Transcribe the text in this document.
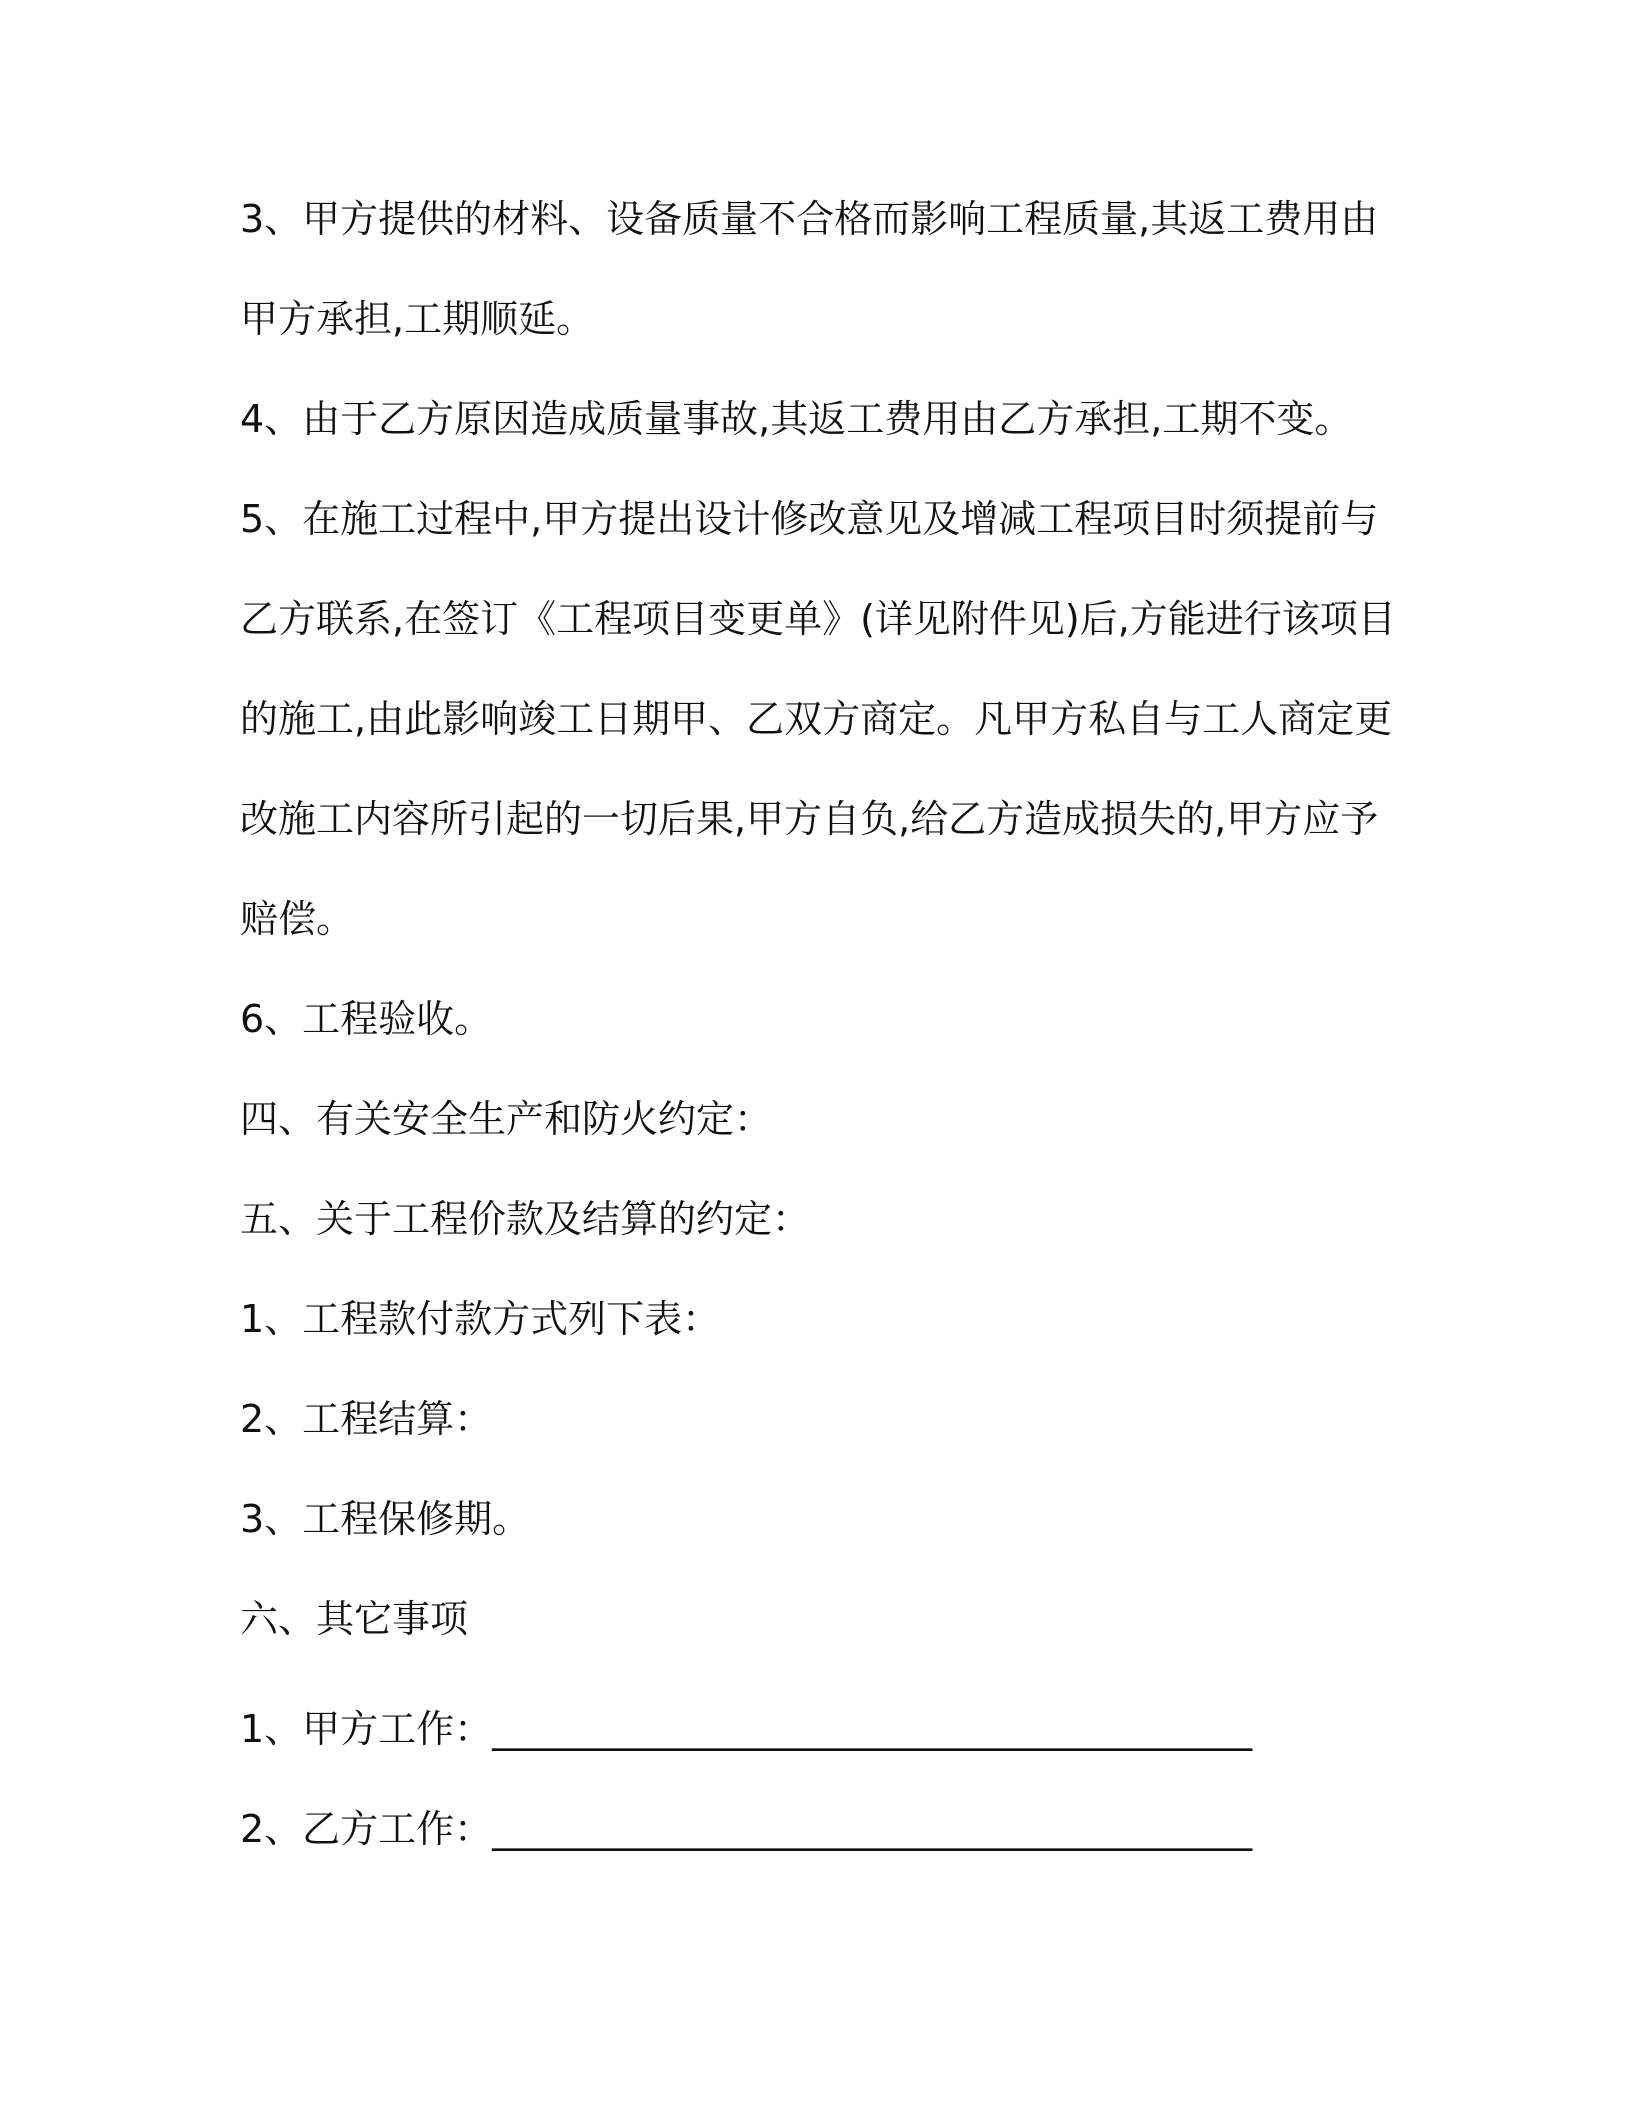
3、甲方提供的材料、设备质量不合格而影响工程质量,其返工费用由
甲方承担,工期顺延。
4、由于乙方原因造成质量事故,其返工费用由乙方承担,工期不变。
5、在施工过程中,甲方提出设计修改意见及增减工程项目时须提前与
乙方联系,在签订《工程项目变更单》(详见附件见)后,方能进行该项目
的施工,由此影响竣工日期甲、乙双方商定。凡甲方私自与工人商定更
改施工内容所引起的一切后果,甲方自负,给乙方造成损失的,甲方应予
赔偿。
6、工程验收。
四、有关安全生产和防火约定：
五、关于工程价款及结算的约定：
1、工程款付款方式列下表：
2、工程结算：
3、工程保修期。
六、其它事项
1、甲方工作：________________________________________
2、乙方工作：________________________________________
